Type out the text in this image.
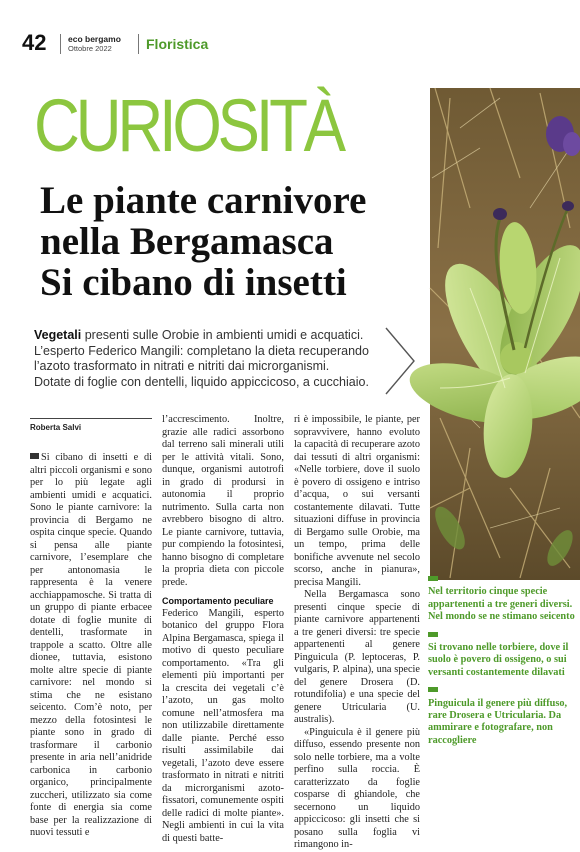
42	eco bergamo
Ottobre 2022 Floristica
CURIOSITÀ
Le piante carnivore
nella Bergamasca
Si cibano di insetti
Vegetali presenti sulle Orobie in ambienti umidi e acquatici.
L’esperto Federico Mangili: completano la dieta recuperando
l’azoto trasformato in nitrati e nitriti dai microrganismi.
Dotate di foglie con dentelli, liquido appiccicoso, a cucchiaio.
Roberta Salvi

Si cibano di insetti e di altri piccoli organismi e sono per lo più legate agli ambienti umidi e acquatici. Sono le piante carnivore: la provincia di Bergamo ne ospita cinque specie. Quando si pensa alle piante carnivore, l’esemplare che per antonomasia le rappresenta è la venere acchiappamosche. Si tratta di un gruppo di piante erbacee dotate di foglie munite di dentelli, trasformate in trappole a scatto. Oltre alle dionee, tuttavia, esistono molte altre specie di piante carnivore: nel mondo si stima che ne esistano seicento. Com’è noto, per mezzo della fotosintesi le piante sono in grado di trasformare il carbonio presente in aria nell’anidride carbonica in carbonio organico, principalmente zuccheri, utilizzato sia come fonte di energia sia come base per la realizzazione di nuovi tessuti e

l’accrescimento. Inoltre, grazie alle radici assorbono dal terreno sali minerali utili per le attività vitali. Sono, dunque, organismi autotrofi in grado di prodursi in autonomia il proprio nutrimento. Sulla carta non avrebbero bisogno di altro. Le piante carnivore, tuttavia, pur compiendo la fotosintesi, hanno bisogno di completare la propria dieta con piccole prede.

Comportamento peculiare

Federico Mangili, esperto botanico del gruppo Flora Alpina Bergamasca, spiega il motivo di questo peculiare comportamento. «Tra gli elementi più importanti per la crescita dei vegetali c’è l’azoto, un gas molto comune nell’atmosfera ma non utilizzabile direttamente dalle piante. Perché esso risulti assimilabile dai vegetali, l’azoto deve essere trasformato in nitrati e nitriti da microrganismi azoto-fissatori, comunemente ospiti delle radici di molte piante». Negli ambienti in cui la vita di questi batte-

ri è impossibile, le piante, per sopravvivere, hanno evoluto la capacità di recuperare azoto dai tessuti di altri organismi: «Nelle torbiere, dove il suolo è povero di ossigeno e intriso d’acqua, o sui versanti costantemente dilavati. Tutte situazioni diffuse in provincia di Bergamo sulle Orobie, ma un tempo, prima delle bonifiche avvenute nel secolo scorso, anche in pianura», precisa Mangili.

Nella Bergamasca sono presenti cinque specie di piante carnivore appartenenti a tre generi diversi: tre specie appartenenti al genere Pinguicula (P. leptoceras, P. vulgaris, P. alpina), una specie del genere Drosera (D. rotundifolia) e una specie del genere Utricularia (U. australis).

«Pinguicula è il genere più diffuso, essendo presente non solo nelle torbiere, ma a volte perfino sulla roccia. È caratterizzato da foglie cosparse di ghiandole, che secernono un liquido appiccicoso: gli insetti che si posano sulla foglia vi rimangono in-

Nel territorio cinque specie appartenenti a tre generi diversi. Nel mondo se ne stimano seicento

Si trovano nelle torbiere, dove il suolo è povero di ossigeno, o sui versanti costantemente dilavati

Pinguicula il genere più diffuso, rare Drosera e Utricularia. Da ammirare e fotografare, non raccogliere
